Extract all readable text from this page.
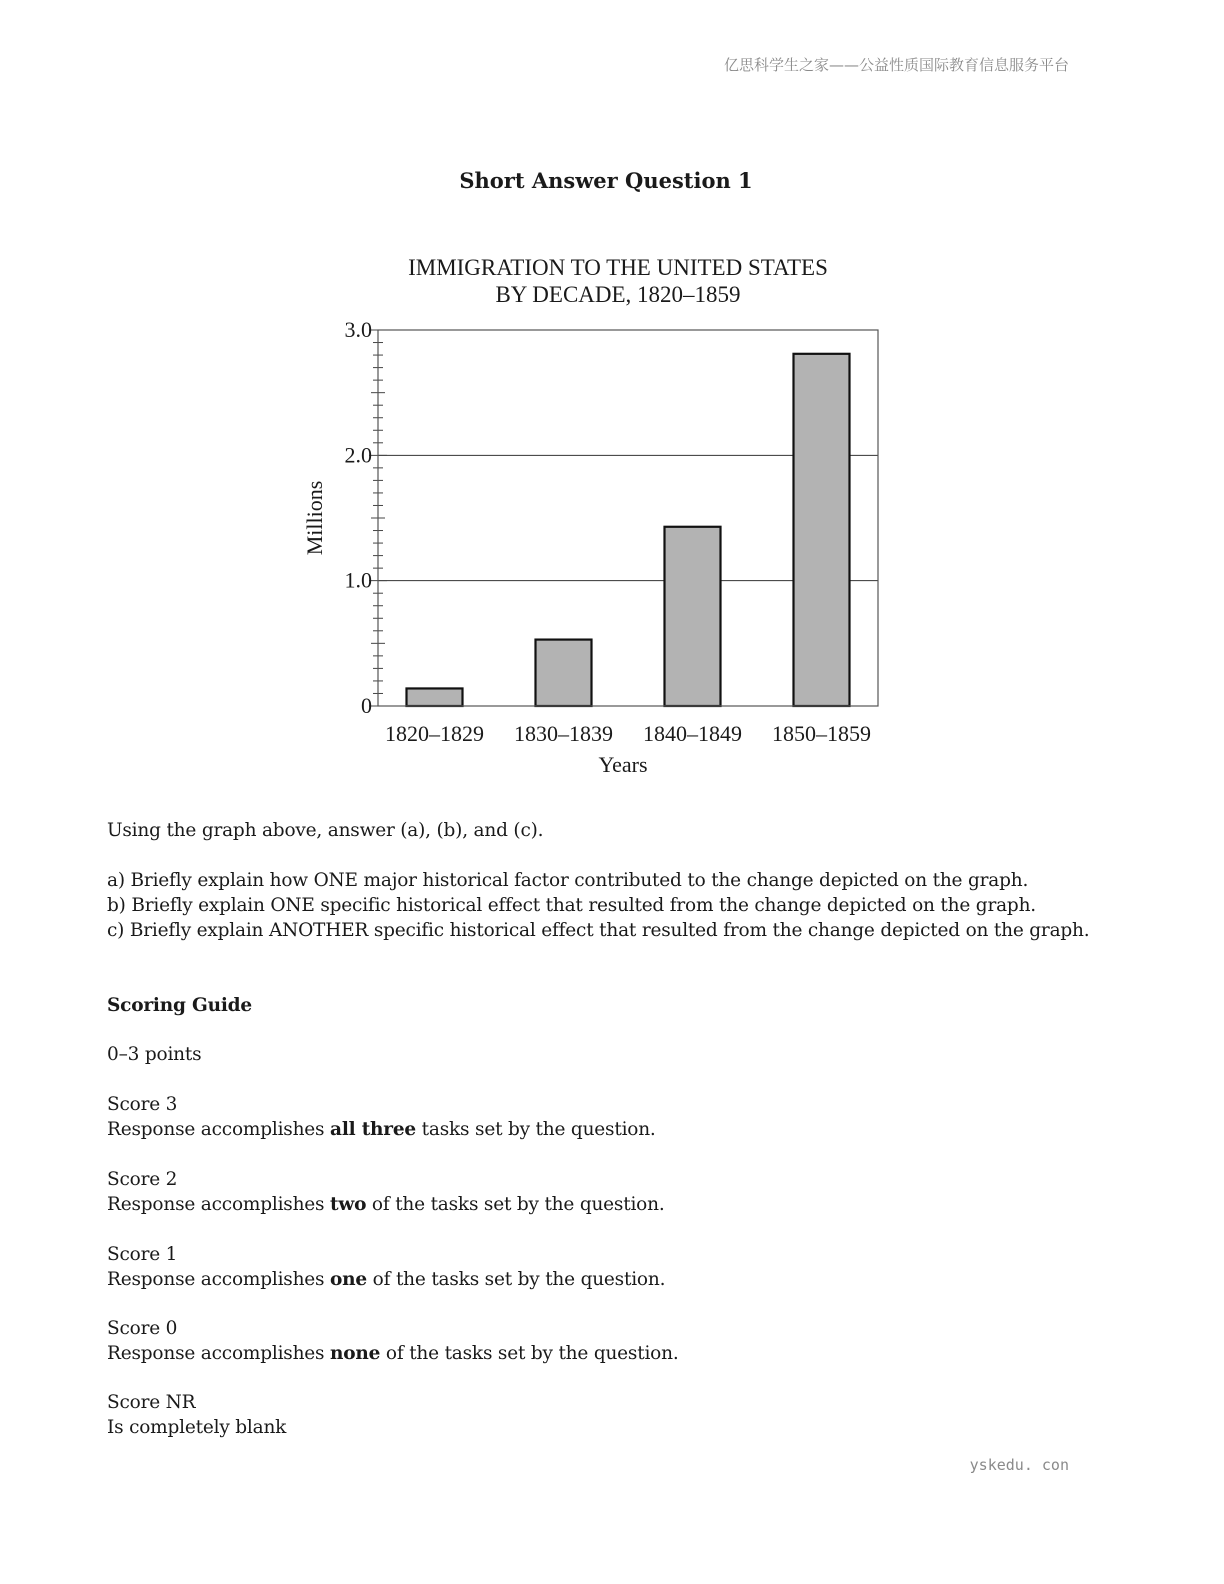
亿思科学生之家——公益性质国际教育信息服务平台
Short Answer Question 1
IMMIGRATION TO THE UNITED STATES
BY DECADE, 1820–1859
0
1.0
2.0
3.0
1820–1829 1830–1839 1840–1849 1850–1859
Years
Millions
Using the graph above, answer (a), (b), and (c).
a) Briefly explain how ONE major historical factor contributed to the change depicted on the graph.
b) Briefly explain ONE specific historical effect that resulted from the change depicted on the graph.
c) Briefly explain ANOTHER specific historical effect that resulted from the change depicted on the graph.
Scoring Guide
0–3 points
Score 3
Response accomplishes all three tasks set by the question.
Score 2
Response accomplishes two of the tasks set by the question.
Score 1
Response accomplishes one of the tasks set by the question.
Score 0
Response accomplishes none of the tasks set by the question.
Score NR
Is completely blank
yskedu. con
